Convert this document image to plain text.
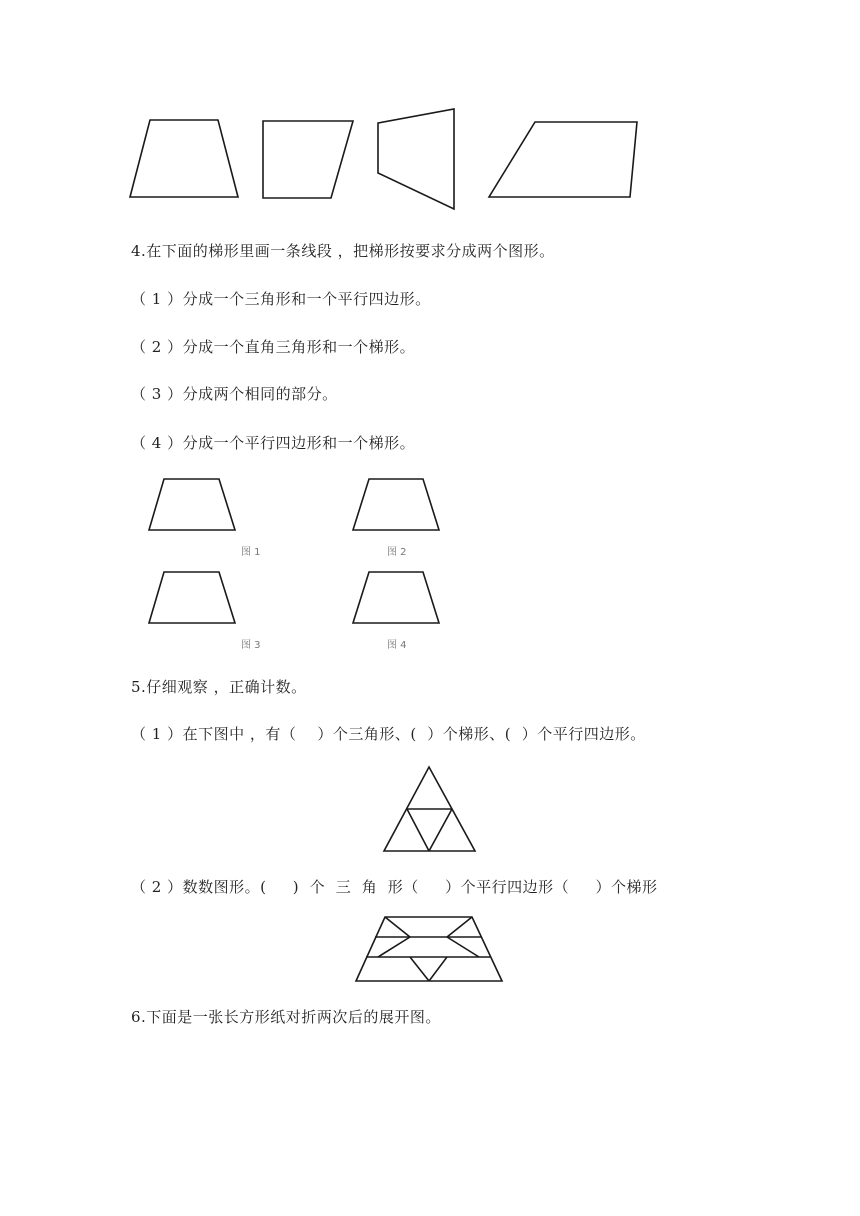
4.在下面的梯形里画一条线段 ，把梯形按要求分成两个图形。
（ 1 ）分成一个三角形和一个平行四边形。
（ 2 ）分成一个直角三角形和一个梯形。
（ 3 ）分成两个相同的部分。
（ 4 ）分成一个平行四边形和一个梯形。
图 1	图 2
图 3	图 4
5.仔细观察 ，正确计数。
（ 1 ）在下图中 ，有（    ）个三角形、(  ）个梯形、(  ）个平行四边形。
（ 2 ）数数图形。(     )  个  三  角  形（     ）个平行四边形（     ）个梯形
6.下面是一张长方形纸对折两次后的展开图。
